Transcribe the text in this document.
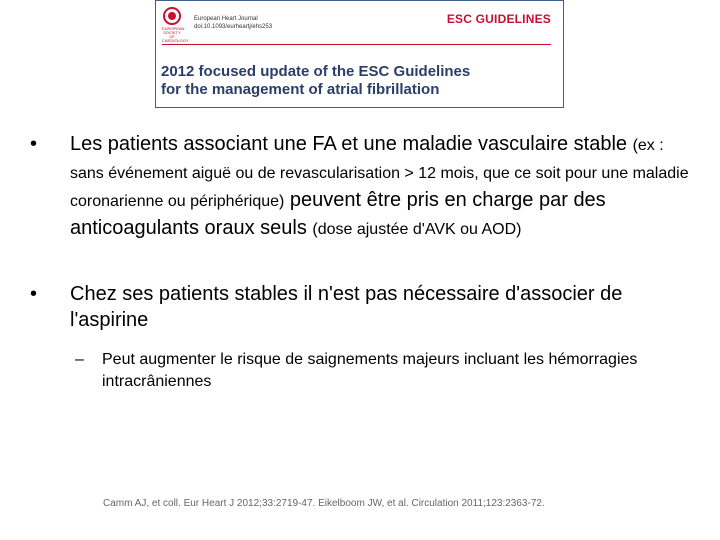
EUROPEAN SOCIETY OF CARDIOLOGY
European Heart Journal
doi:10.1093/eurheartj/ehs253
ESC GUIDELINES
2012 focused update of the ESC Guidelines
for the management of atrial fibrillation
• Les patients associant une FA et une maladie vasculaire stable (ex : sans événement aiguë ou de revascularisation > 12 mois, que ce soit pour une maladie coronarienne ou périphérique) peuvent être pris en charge par des anticoagulants oraux seuls (dose ajustée d'AVK ou AOD)
• Chez ses patients stables il n'est pas nécessaire d'associer de l'aspirine
– Peut augmenter le risque de saignements majeurs incluant les hémorragies intracrâniennes
Camm AJ, et coll. Eur Heart J 2012;33:2719-47. Eikelboom JW, et al. Circulation 2011;123:2363-72.
